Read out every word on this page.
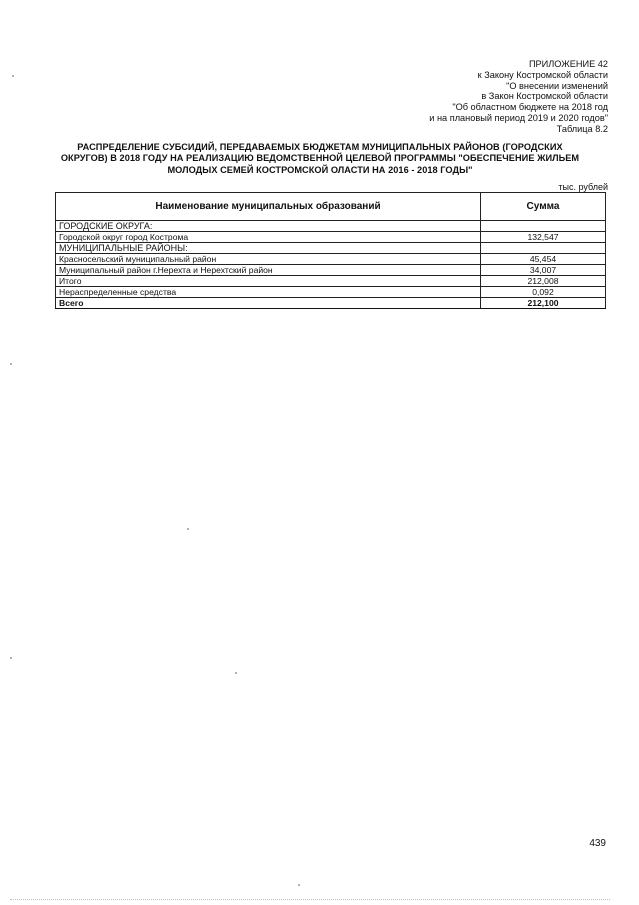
ПРИЛОЖЕНИЕ 42
к Закону Костромской области
"О внесении изменений
в Закон Костромской области
"Об областном бюджете на 2018 год
и на плановый период 2019 и 2020 годов"
Таблица 8.2
РАСПРЕДЕЛЕНИЕ СУБСИДИЙ, ПЕРЕДАВАЕМЫХ БЮДЖЕТАМ МУНИЦИПАЛЬНЫХ РАЙОНОВ (ГОРОДСКИХ
ОКРУГОВ) В 2018 ГОДУ НА РЕАЛИЗАЦИЮ ВЕДОМСТВЕННОЙ ЦЕЛЕВОЙ ПРОГРАММЫ "ОБЕСПЕЧЕНИЕ ЖИЛЬЕМ
МОЛОДЫХ СЕМЕЙ КОСТРОМСКОЙ ОЛАСТИ НА 2016 - 2018 ГОДЫ"
тыс. рублей
Наименование муниципальных образований	Сумма
ГОРОДСКИЕ ОКРУГА:	
Городской округ город Кострома	132,547
МУНИЦИПАЛЬНЫЕ РАЙОНЫ:	
Красносельский муниципальный район	45,454
Муниципальный район г.Нерехта и Нерехтский район	34,007
Итого	212,008
Нераспределенные средства	0,092
Всего	212,100
439
